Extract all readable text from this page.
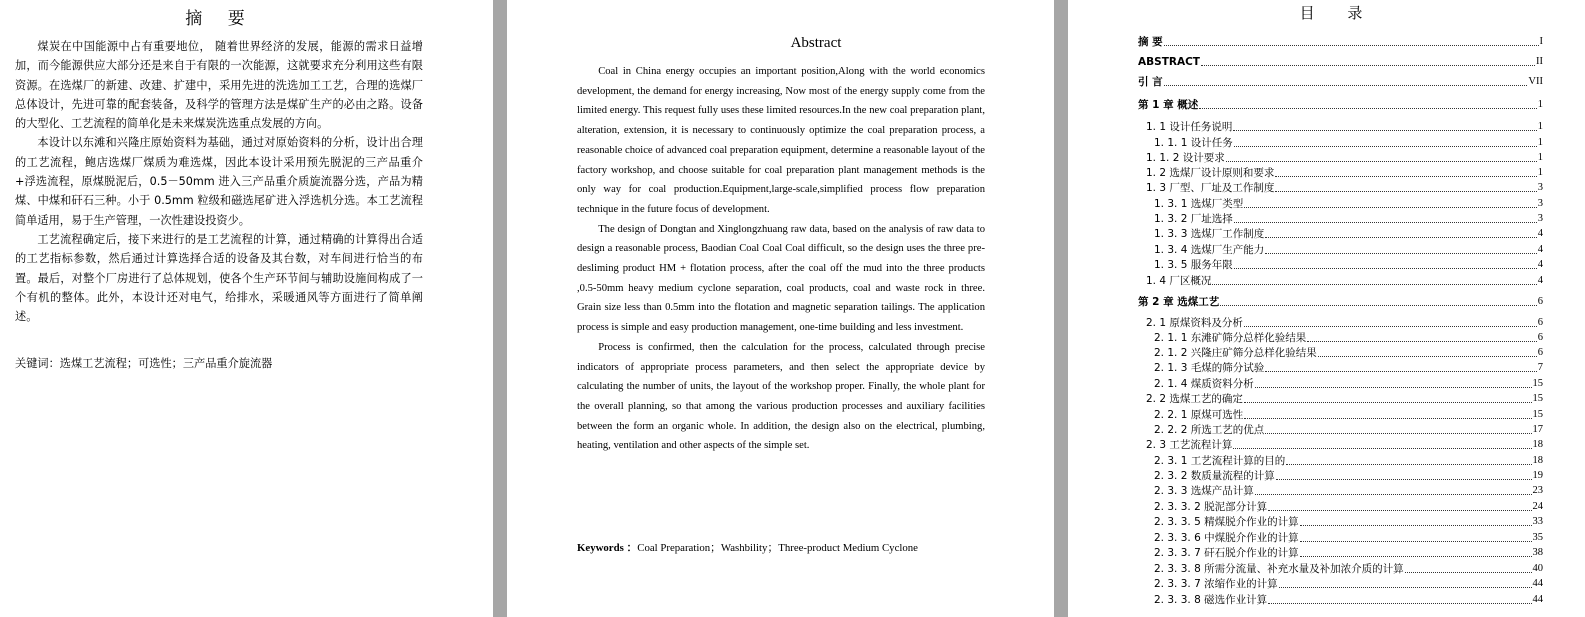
摘 要

煤炭在中国能源中占有重要地位， 随着世界经济的发展，能源的需求日益增加，而今能源供应大部分还是来自于有限的一次能源，这就要求充分利用这些有限资源。在选煤厂的新建、改建、扩建中，采用先进的洗选加工工艺，合理的选煤厂总体设计，先进可靠的配套装备，及科学的管理方法是煤矿生产的必由之路。设备的大型化、工艺流程的简单化是未来煤炭洗选重点发展的方向。

本设计以东滩和兴隆庄原始资料为基础，通过对原始资料的分析，设计出合理的工艺流程，鲍店选煤厂煤质为难选煤，因此本设计采用预先脱泥的三产品重介+浮选流程，原煤脱泥后，0.5－50mm 进入三产品重介质旋流器分选，产品为精煤、中煤和矸石三种。小于 0.5mm 粒级和磁选尾矿进入浮选机分选。本工艺流程简单适用，易于生产管理，一次性建设投资少。

工艺流程确定后，接下来进行的是工艺流程的计算，通过精确的计算得出合适的工艺指标参数，然后通过计算选择合适的设备及其台数，对车间进行恰当的布置。最后，对整个厂房进行了总体规划，使各个生产环节间与辅助设施间构成了一个有机的整体。此外，本设计还对电气，给排水，采暖通风等方面进行了简单阐述。

关键词：选煤工艺流程；可选性；三产品重介旋流器
Abstract

Coal in China energy occupies an important position,Along with the world economics development, the demand for energy increasing, Now most of the energy supply come from the limited energy. This request fully uses these limited resources.In the new coal preparation plant, alteration, extension, it is necessary to continuously optimize the coal preparation process, a reasonable choice of advanced coal preparation equipment, determine a reasonable layout of the factory workshop, and choose suitable for coal preparation plant management methods is the only way for coal production.Equipment,large-scale,simplified process flow preparation technique in the future focus of development.

The design of Dongtan and Xinglongzhuang raw data, based on the analysis of raw data to design a reasonable process, Baodian Coal Coal Coal difficult, so the design uses the three pre-desliming product HM + flotation process, after the coal off the mud into the three products ,0.5-50mm heavy medium cyclone separation, coal products, coal and waste rock in three. Grain size less than 0.5mm into the flotation and magnetic separation tailings. The application process is simple and easy production management, one-time building and less investment.

Process is confirmed, then the calculation for the process, calculated through precise indicators of appropriate process parameters, and then select the appropriate device by calculating the number of units, the layout of the workshop proper. Finally, the whole plant for the overall planning, so that among the various production processes and auxiliary facilities between the form an organic whole. In addition, the design also on the electrical, plumbing, heating, ventilation and other aspects of the simple set.

Keywords ：Coal Preparation；Washbility；Three-product Medium Cyclone
目 录
摘 要	I
ABSTRACT	II
引 言	VII
第 1 章 概述	1
1. 1 设计任务说明	1
1. 1. 1 设计任务	1
1. 1. 2 设计要求	1
1. 2 选煤厂设计原则和要求	1
1. 3 厂型、厂址及工作制度	3
1. 3. 1 选煤厂类型	3
1. 3. 2 厂址选择	3
1. 3. 3 选煤厂工作制度	4
1. 3. 4 选煤厂生产能力	4
1. 3. 5 服务年限	4
1. 4 厂区概况	4
第 2 章 选煤工艺	6
2. 1 原煤资料及分析	6
2. 1. 1 东滩矿筛分总样化验结果	6
2. 1. 2 兴隆庄矿筛分总样化验结果	6
2. 1. 3 毛煤的筛分试验	7
2. 1. 4 煤质资料分析	15
2. 2 选煤工艺的确定	15
2. 2. 1 原煤可选性	15
2. 2. 2 所选工艺的优点	17
2. 3 工艺流程计算	18
2. 3. 1 工艺流程计算的目的	18
2. 3. 2 数质量流程的计算	19
2. 3. 3 选煤产品计算	23
2. 3. 3. 2 脱泥部分计算	24
2. 3. 3. 5 精煤脱介作业的计算	33
2. 3. 3. 6 中煤脱介作业的计算	35
2. 3. 3. 7 矸石脱介作业的计算	38
2. 3. 3. 8 所需分流量、补充水量及补加浓介质的计算	40
2. 3. 3. 7 浓缩作业的计算	44
2. 3. 3. 8 磁选作业计算	44
